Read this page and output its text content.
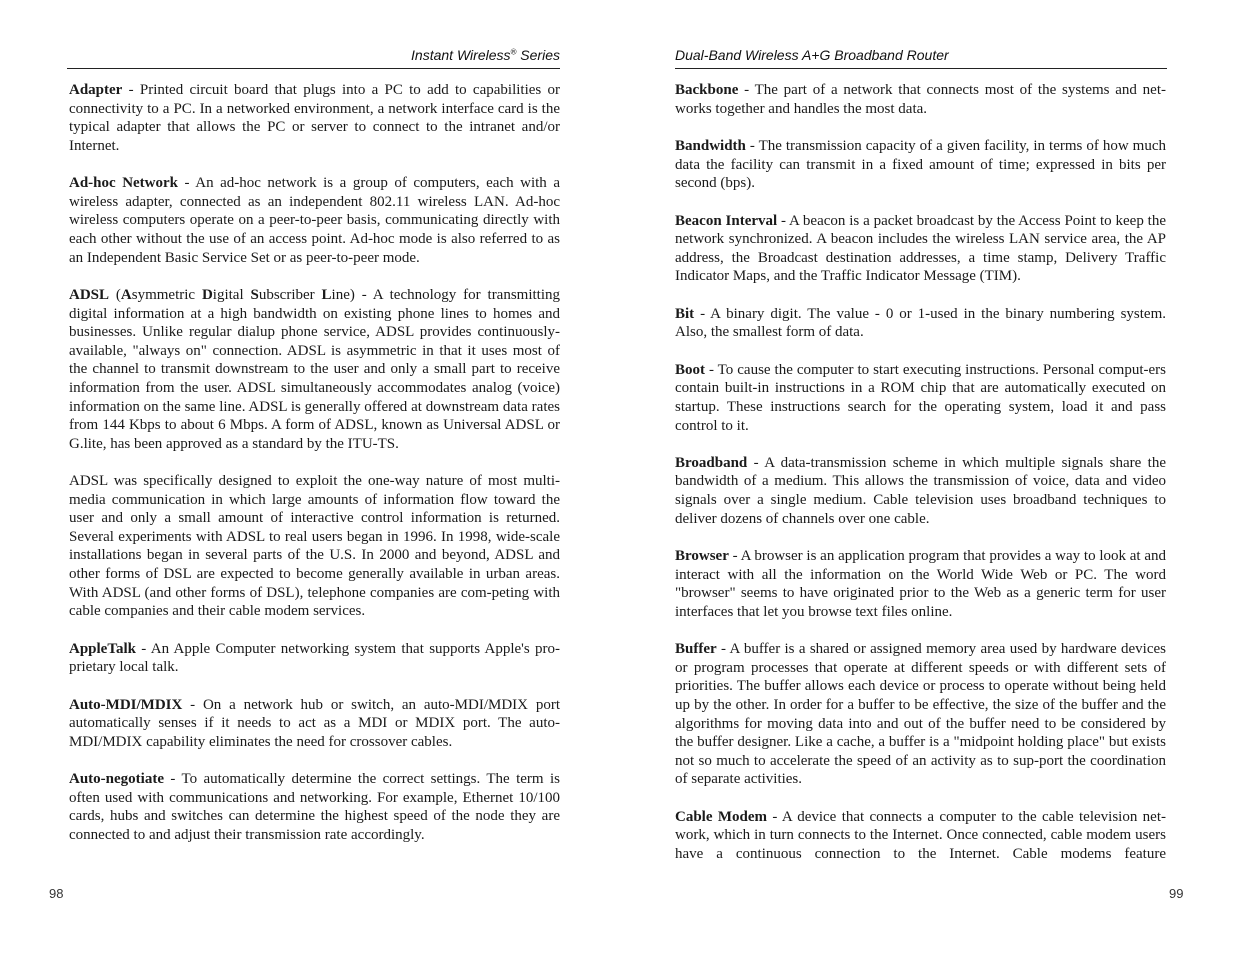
Instant Wireless® Series

Adapter - Printed circuit board that plugs into a PC to add to capabilities or connectivity to a PC. In a networked environment, a network interface card is the typical adapter that allows the PC or server to connect to the intranet and/or Internet.

Ad-hoc Network - An ad-hoc network is a group of computers, each with a wireless adapter, connected as an independent 802.11 wireless LAN. Ad-hoc wireless computers operate on a peer-to-peer basis, communicating directly with each other without the use of an access point. Ad-hoc mode is also referred to as an Independent Basic Service Set or as peer-to-peer mode.

ADSL (Asymmetric Digital Subscriber Line) - A technology for transmitting digital information at a high bandwidth on existing phone lines to homes and businesses. Unlike regular dialup phone service, ADSL provides continuously-available, "always on" connection. ADSL is asymmetric in that it uses most of the channel to transmit downstream to the user and only a small part to receive information from the user. ADSL simultaneously accommodates analog (voice) information on the same line. ADSL is generally offered at downstream data rates from 144 Kbps to about 6 Mbps. A form of ADSL, known as Universal ADSL or G.lite, has been approved as a standard by the ITU-TS.

ADSL was specifically designed to exploit the one-way nature of most multi-media communication in which large amounts of information flow toward the user and only a small amount of interactive control information is returned. Several experiments with ADSL to real users began in 1996. In 1998, wide-scale installations began in several parts of the U.S. In 2000 and beyond, ADSL and other forms of DSL are expected to become generally available in urban areas. With ADSL (and other forms of DSL), telephone companies are com-peting with cable companies and their cable modem services.

AppleTalk - An Apple Computer networking system that supports Apple's pro-prietary local talk.

Auto-MDI/MDIX - On a network hub or switch, an auto-MDI/MDIX port automatically senses if it needs to act as a MDI or MDIX port. The auto-MDI/MDIX capability eliminates the need for crossover cables.

Auto-negotiate - To automatically determine the correct settings. The term is often used with communications and networking. For example, Ethernet 10/100 cards, hubs and switches can determine the highest speed of the node they are connected to and adjust their transmission rate accordingly.

98
Dual-Band Wireless A+G Broadband Router

Backbone - The part of a network that connects most of the systems and net-works together and handles the most data.

Bandwidth - The transmission capacity of a given facility, in terms of how much data the facility can transmit in a fixed amount of time; expressed in bits per second (bps).

Beacon Interval - A beacon is a packet broadcast by the Access Point to keep the network synchronized. A beacon includes the wireless LAN service area, the AP address, the Broadcast destination addresses, a time stamp, Delivery Traffic Indicator Maps, and the Traffic Indicator Message (TIM).

Bit - A binary digit. The value - 0 or 1-used in the binary numbering system. Also, the smallest form of data.

Boot - To cause the computer to start executing instructions. Personal comput-ers contain built-in instructions in a ROM chip that are automatically executed on startup. These instructions search for the operating system, load it and pass control to it.

Broadband - A data-transmission scheme in which multiple signals share the bandwidth of a medium. This allows the transmission of voice, data and video signals over a single medium. Cable television uses broadband techniques to deliver dozens of channels over one cable.

Browser - A browser is an application program that provides a way to look at and interact with all the information on the World Wide Web or PC. The word "browser" seems to have originated prior to the Web as a generic term for user interfaces that let you browse text files online.

Buffer - A buffer is a shared or assigned memory area used by hardware devices or program processes that operate at different speeds or with different sets of priorities. The buffer allows each device or process to operate without being held up by the other. In order for a buffer to be effective, the size of the buffer and the algorithms for moving data into and out of the buffer need to be considered by the buffer designer. Like a cache, a buffer is a "midpoint holding place" but exists not so much to accelerate the speed of an activity as to sup-port the coordination of separate activities.

Cable Modem - A device that connects a computer to the cable television net-work, which in turn connects to the Internet. Once connected, cable modem users have a continuous connection to the Internet. Cable modems feature

99
